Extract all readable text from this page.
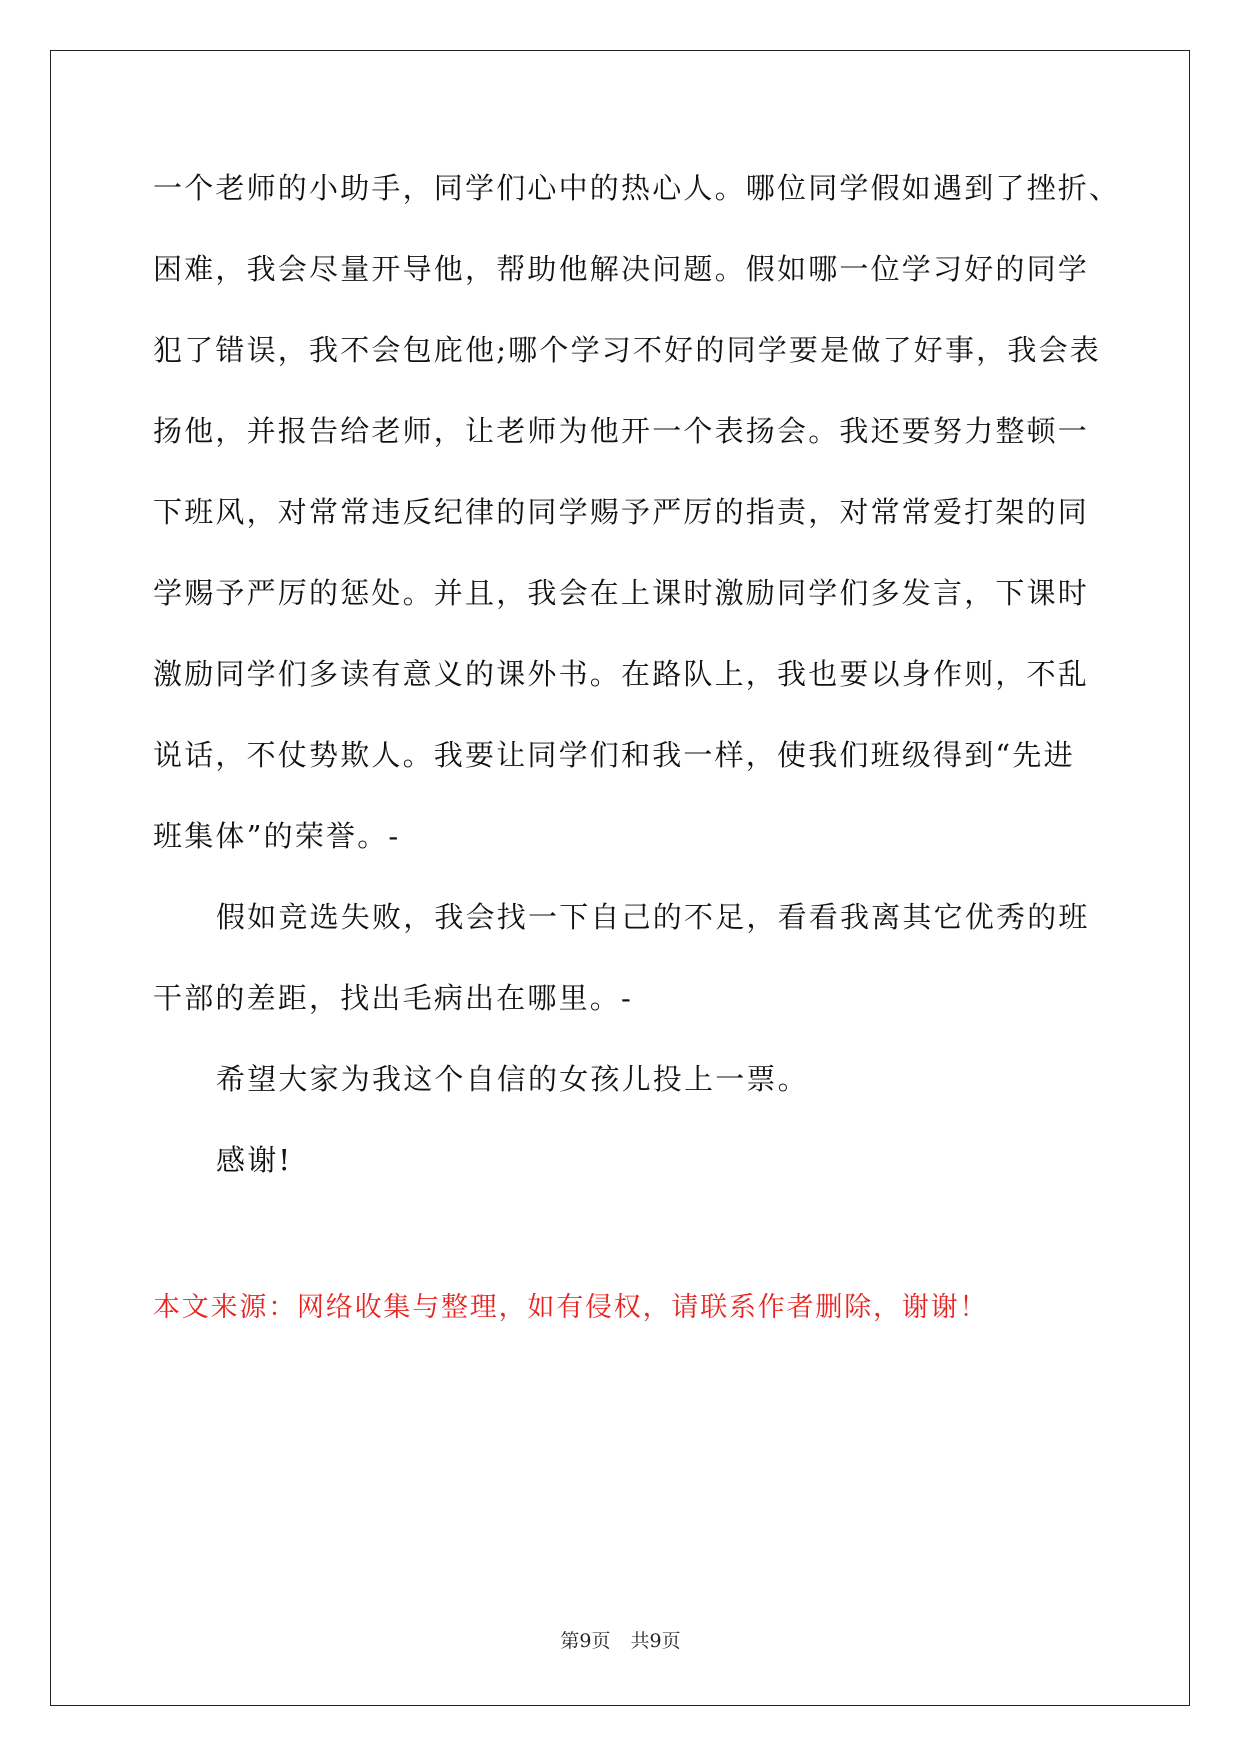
一个老师的小助手，同学们心中的热心人。哪位同学假如遇到了挫折、
困难，我会尽量开导他，帮助他解决问题。假如哪一位学习好的同学
犯了错误，我不会包庇他;哪个学习不好的同学要是做了好事，我会表
扬他，并报告给老师，让老师为他开一个表扬会。我还要努力整顿一
下班风，对常常违反纪律的同学赐予严厉的指责，对常常爱打架的同
学赐予严厉的惩处。并且，我会在上课时激励同学们多发言，下课时
激励同学们多读有意义的课外书。在路队上，我也要以身作则，不乱
说话，不仗势欺人。我要让同学们和我一样，使我们班级得到“先进
班集体”的荣誉。-
假如竞选失败，我会找一下自己的不足，看看我离其它优秀的班
干部的差距，找出毛病出在哪里。-
希望大家为我这个自信的女孩儿投上一票。
感谢!
本文来源：网络收集与整理，如有侵权，请联系作者删除，谢谢！
第9页 共9页
